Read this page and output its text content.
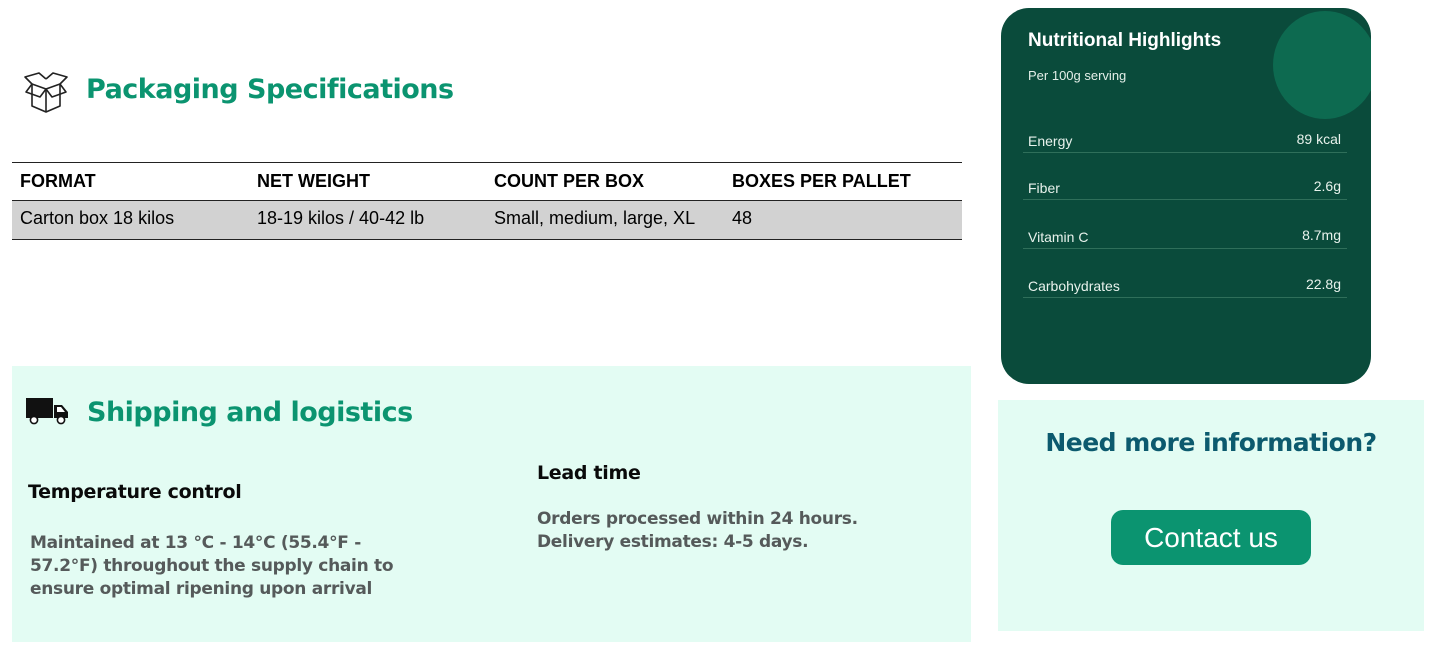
Packaging Specifications
FORMAT	NET WEIGHT	COUNT PER BOX	BOXES PER PALLET
Carton box 18 kilos	18-19 kilos / 40-42 lb	Small, medium, large, XL	48
Shipping and logistics
Temperature control
Maintained at 13 °C - 14°C (55.4°F - 57.2°F) throughout the supply chain to ensure optimal ripening upon arrival
Lead time
Orders processed within 24 hours. Delivery estimates: 4-5 days.
Nutritional Highlights
Per 100g serving
Energy	89 kcal
Fiber	2.6g
Vitamin C	8.7mg
Carbohydrates	22.8g
Need more information?
Contact us
